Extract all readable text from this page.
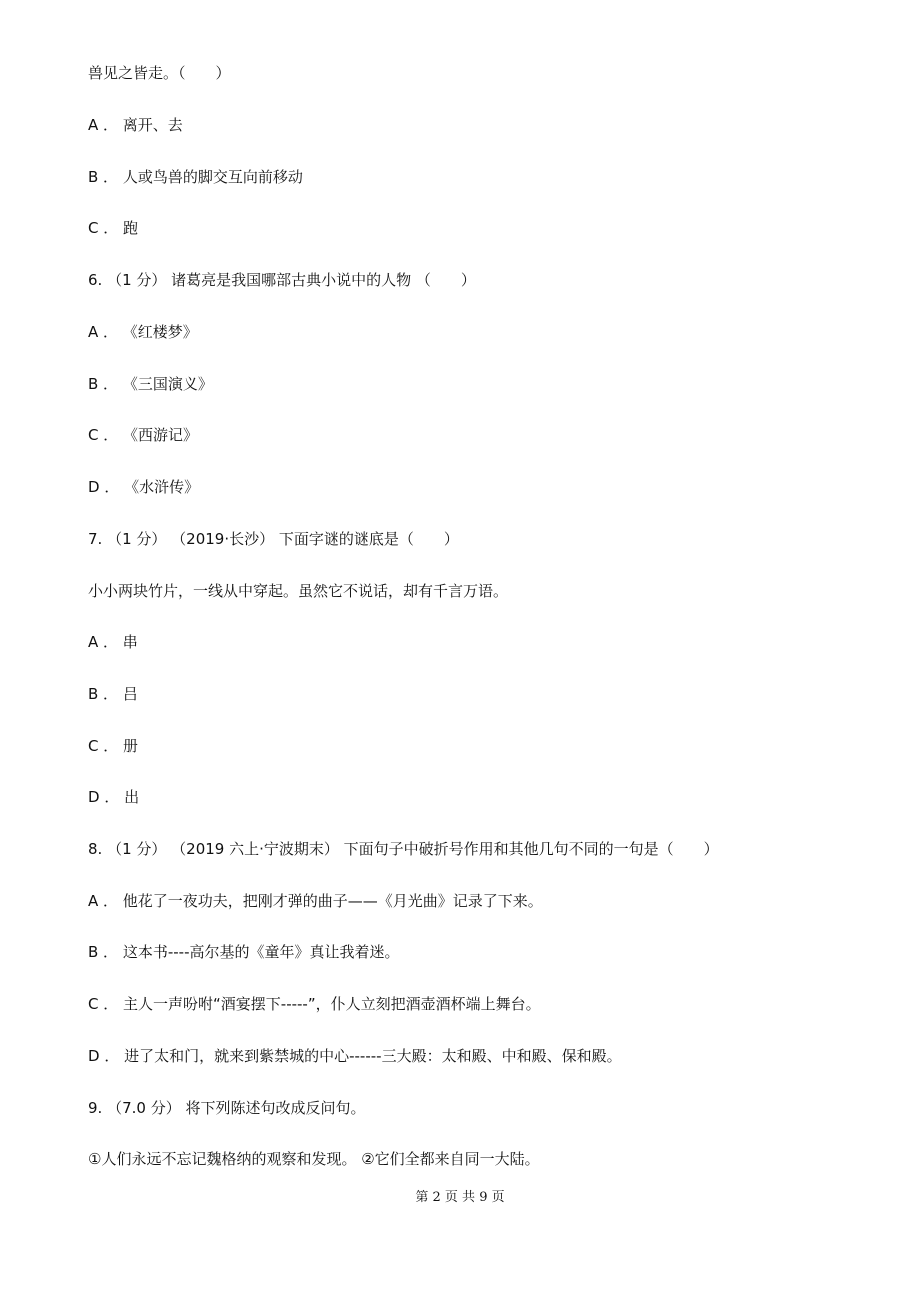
兽见之皆走。（　　）
A ． 离开、去
B ． 人或鸟兽的脚交互向前移动
C ． 跑
6. （1 分） 诸葛亮是我国哪部古典小说中的人物 （　　）
A ． 《红楼梦》
B ． 《三国演义》
C ． 《西游记》
D ． 《水浒传》
7. （1 分） （2019·长沙） 下面字谜的谜底是（　　）
小小两块竹片，一线从中穿起。虽然它不说话，却有千言万语。
A ． 串
B ． 吕
C ． 册
D ． 出
8. （1 分） （2019 六上·宁波期末） 下面句子中破折号作用和其他几句不同的一句是（　　）
A ． 他花了一夜功夫，把刚才弹的曲子——《月光曲》记录了下来。
B ． 这本书----高尔基的《童年》真让我着迷。
C ． 主人一声吩咐“酒宴摆下-----”，仆人立刻把酒壶酒杯端上舞台。
D ． 进了太和门，就来到紫禁城的中心------三大殿：太和殿、中和殿、保和殿。
9. （7.0 分） 将下列陈述句改成反问句。
①人们永远不忘记魏格纳的观察和发现。 ②它们全都来自同一大陆。
第 2 页 共 9 页
